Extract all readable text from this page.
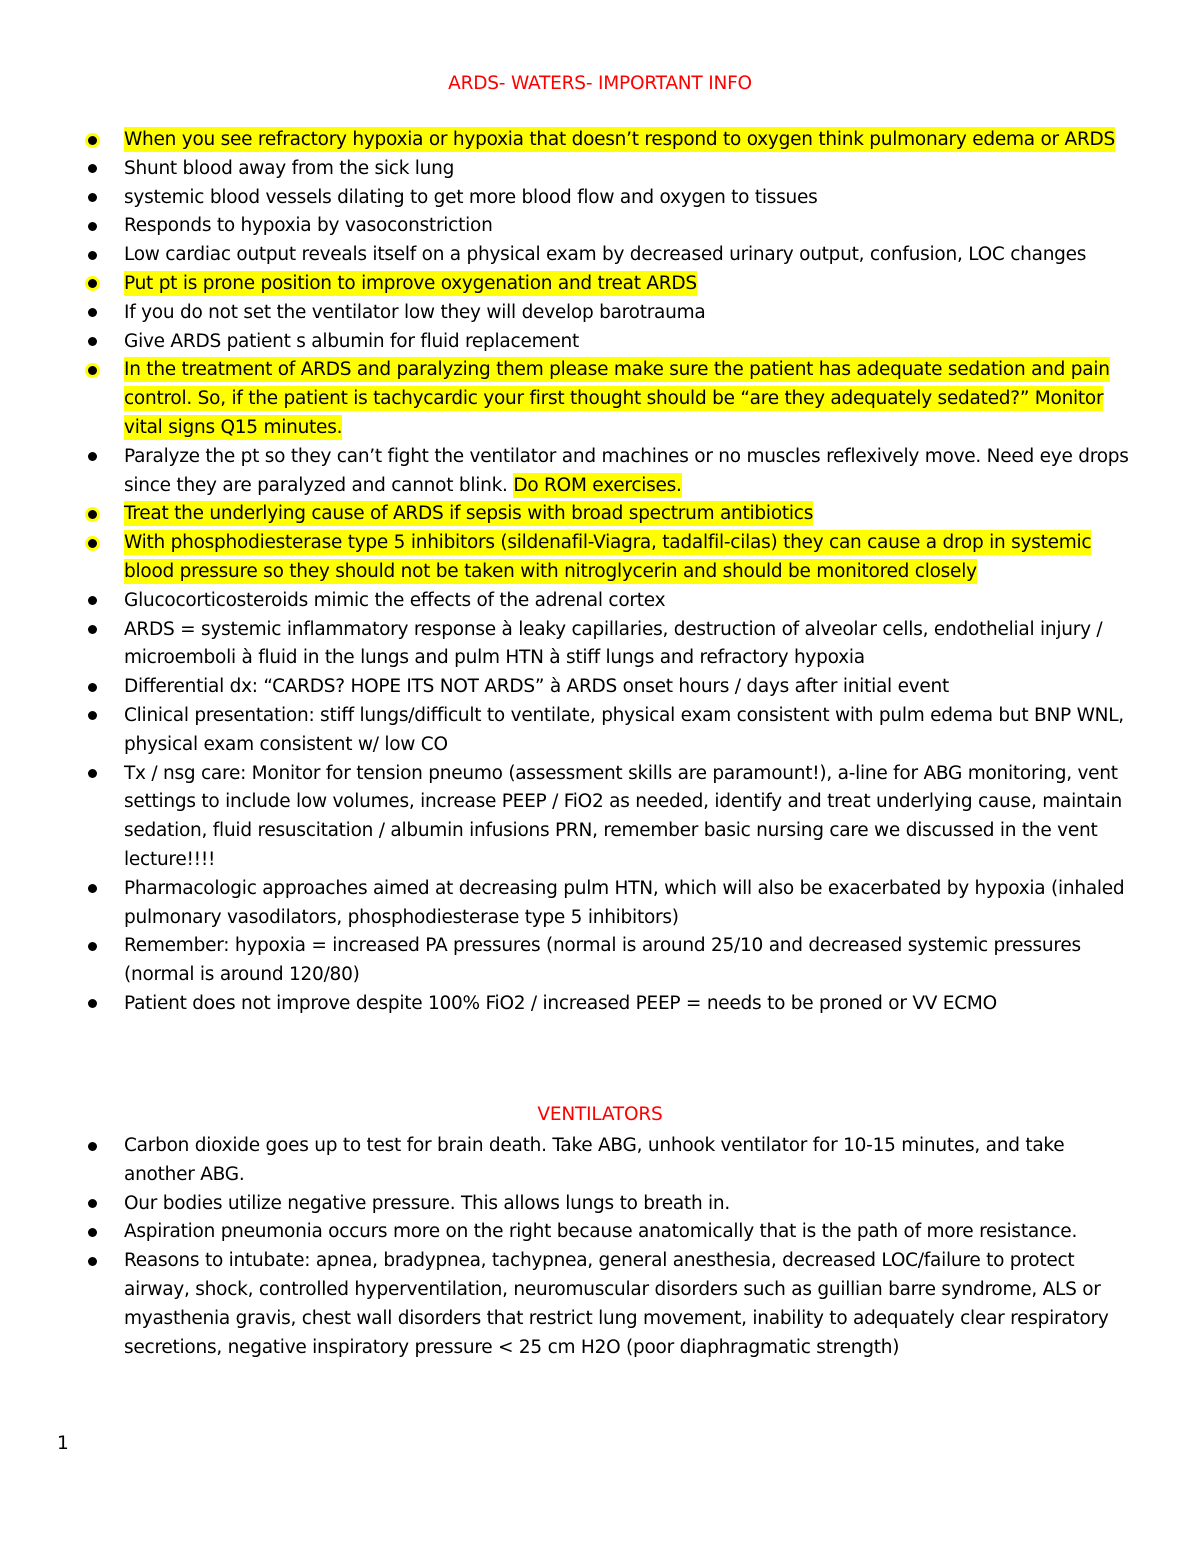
ARDS- WATERS- IMPORTANT INFO
When you see refractory hypoxia or hypoxia that doesn’t respond to oxygen think pulmonary edema or ARDS
Shunt blood away from the sick lung
systemic blood vessels dilating to get more blood flow and oxygen to tissues
Responds to hypoxia by vasoconstriction
Low cardiac output reveals itself on a physical exam by decreased urinary output, confusion, LOC changes
Put pt is prone position to improve oxygenation and treat ARDS
If you do not set the ventilator low they will develop barotrauma
Give ARDS patient s albumin for fluid replacement
In the treatment of ARDS and paralyzing them please make sure the patient has adequate sedation and pain control. So, if the patient is tachycardic your first thought should be “are they adequately sedated?” Monitor vital signs Q15 minutes.
Paralyze the pt so they can’t fight the ventilator and machines or no muscles reflexively move. Need eye drops since they are paralyzed and cannot blink. Do ROM exercises.
Treat the underlying cause of ARDS if sepsis with broad spectrum antibiotics
With phosphodiesterase type 5 inhibitors (sildenafil-Viagra, tadalfil-cilas) they can cause a drop in systemic blood pressure so they should not be taken with nitroglycerin and should be monitored closely
Glucocorticosteroids mimic the effects of the adrenal cortex
ARDS = systemic inflammatory response à leaky capillaries, destruction of alveolar cells, endothelial injury / microemboli à fluid in the lungs and pulm HTN à stiff lungs and refractory hypoxia
Differential dx: “CARDS? HOPE ITS NOT ARDS” à ARDS onset hours / days after initial event
Clinical presentation: stiff lungs/difficult to ventilate, physical exam consistent with pulm edema but BNP WNL, physical exam consistent w/ low CO
Tx / nsg care: Monitor for tension pneumo (assessment skills are paramount!), a-line for ABG monitoring, vent settings to include low volumes, increase PEEP / FiO2 as needed, identify and treat underlying cause, maintain sedation, fluid resuscitation / albumin infusions PRN, remember basic nursing care we discussed in the vent lecture!!!!
Pharmacologic approaches aimed at decreasing pulm HTN, which will also be exacerbated by hypoxia (inhaled pulmonary vasodilators, phosphodiesterase type 5 inhibitors)
Remember: hypoxia = increased PA pressures (normal is around 25/10 and decreased systemic pressures (normal is around 120/80)
Patient does not improve despite 100% FiO2 / increased PEEP = needs to be proned or VV ECMO
VENTILATORS
Carbon dioxide goes up to test for brain death. Take ABG, unhook ventilator for 10-15 minutes, and take another ABG.
Our bodies utilize negative pressure. This allows lungs to breath in.
Aspiration pneumonia occurs more on the right because anatomically that is the path of more resistance.
Reasons to intubate: apnea, bradypnea, tachypnea, general anesthesia, decreased LOC/failure to protect airway, shock, controlled hyperventilation, neuromuscular disorders such as guillian barre syndrome, ALS or myasthenia gravis, chest wall disorders that restrict lung movement, inability to adequately clear respiratory secretions, negative inspiratory pressure < 25 cm H2O (poor diaphragmatic strength)
1
